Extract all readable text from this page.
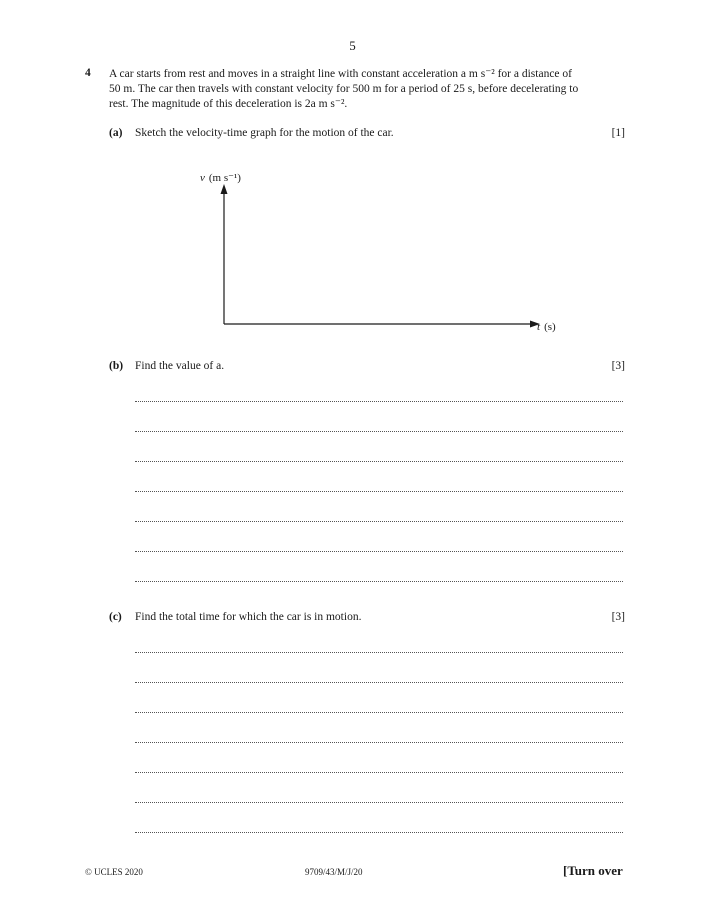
5
4 A car starts from rest and moves in a straight line with constant acceleration a m s⁻² for a distance of
50 m. The car then travels with constant velocity for 500 m for a period of 25 s, before decelerating to
rest. The magnitude of this deceleration is 2a m s⁻².
(a) Sketch the velocity-time graph for the motion of the car.	[1]
v (m s⁻¹)
t (s)
(b) Find the value of a.	[3]
(c) Find the total time for which the car is in motion.	[3]
© UCLES 2020	9709/43/M/J/20	[Turn over
